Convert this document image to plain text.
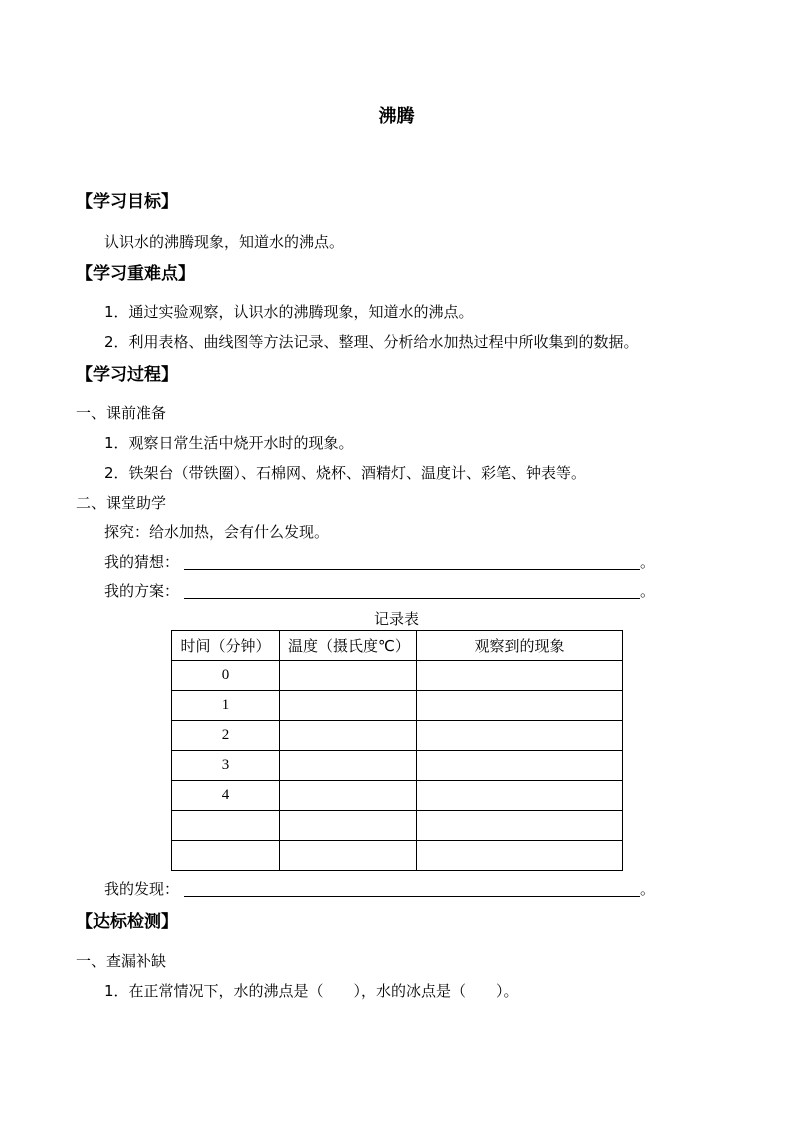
沸腾
【学习目标】
认识水的沸腾现象，知道水的沸点。
【学习重难点】
1．通过实验观察，认识水的沸腾现象，知道水的沸点。
2．利用表格、曲线图等方法记录、整理、分析给水加热过程中所收集到的数据。
【学习过程】
一、课前准备
1．观察日常生活中烧开水时的现象。
2．铁架台（带铁圈）、石棉网、烧杯、酒精灯、温度计、彩笔、钟表等。
二、课堂助学
探究：给水加热，会有什么发现。
我的猜想：	。
我的方案：	。
记录表
时间（分钟）	温度（摄氏度℃）	观察到的现象
0		
1		
2		
3		
4		

我的发现：	。
【达标检测】
一、查漏补缺
1．在正常情况下，水的沸点是（　　），水的冰点是（　　）。
